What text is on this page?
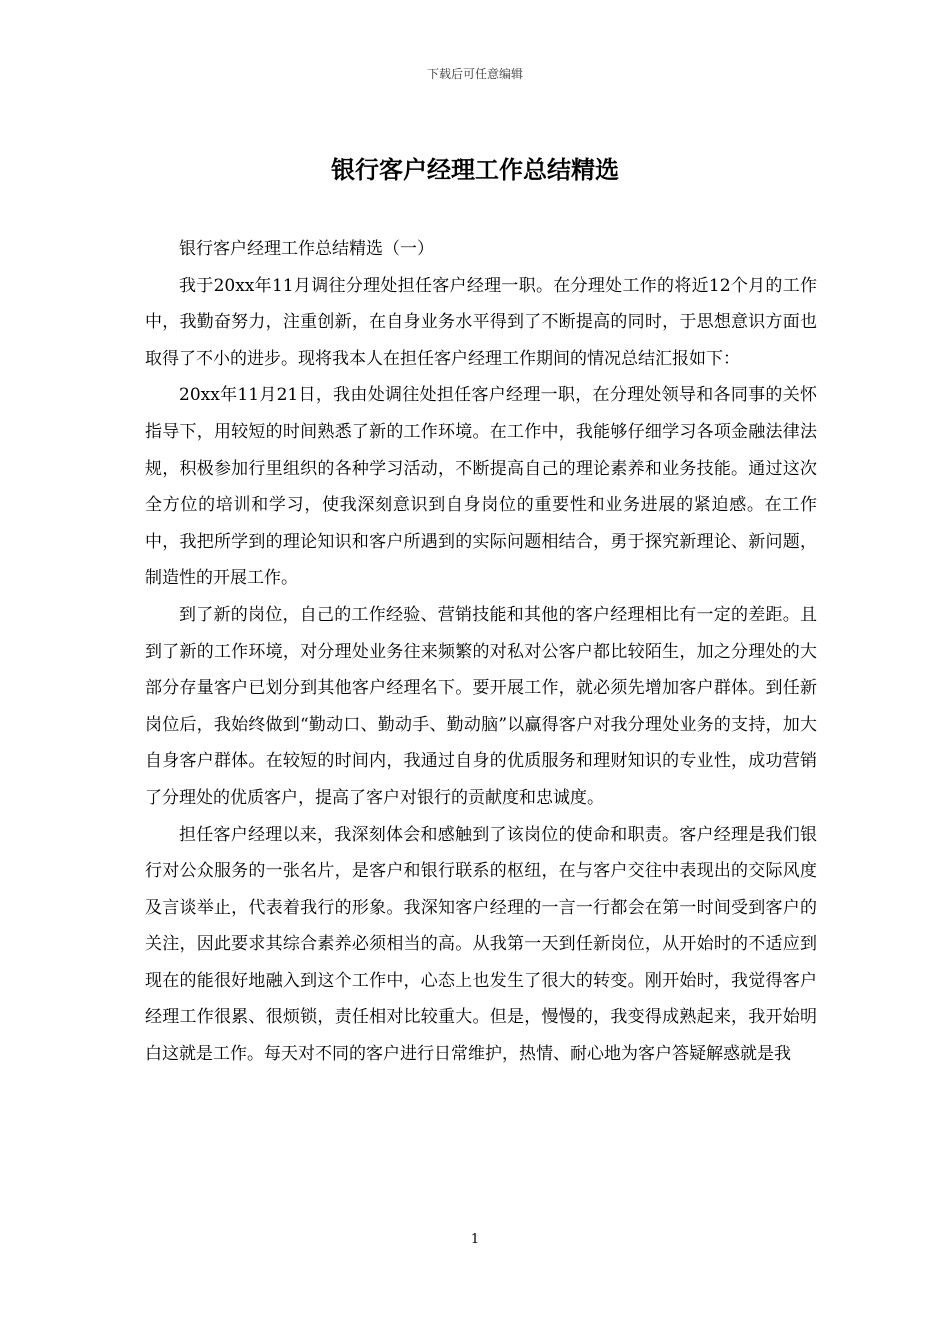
下载后可任意编辑
银行客户经理工作总结精选

银行客户经理工作总结精选（一）

我于20xx年11月调往分理处担任客户经理一职。在分理处工作的将近12个月的工作中，我勤奋努力，注重创新，在自身业务水平得到了不断提高的同时，于思想意识方面也取得了不小的进步。现将我本人在担任客户经理工作期间的情况总结汇报如下：

20xx年11月21日，我由处调往处担任客户经理一职，在分理处领导和各同事的关怀指导下，用较短的时间熟悉了新的工作环境。在工作中，我能够仔细学习各项金融法律法规，积极参加行里组织的各种学习活动，不断提高自己的理论素养和业务技能。通过这次全方位的培训和学习，使我深刻意识到自身岗位的重要性和业务进展的紧迫感。在工作中，我把所学到的理论知识和客户所遇到的实际问题相结合，勇于探究新理论、新问题，制造性的开展工作。

到了新的岗位，自己的工作经验、营销技能和其他的客户经理相比有一定的差距。且到了新的工作环境，对分理处业务往来频繁的对私对公客户都比较陌生，加之分理处的大部分存量客户已划分到其他客户经理名下。要开展工作，就必须先增加客户群体。到任新岗位后，我始终做到“勤动口、勤动手、勤动脑”以赢得客户对我分理处业务的支持，加大自身客户群体。在较短的时间内，我通过自身的优质服务和理财知识的专业性，成功营销了分理处的优质客户，提高了客户对银行的贡献度和忠诚度。

担任客户经理以来，我深刻体会和感触到了该岗位的使命和职责。客户经理是我们银行对公众服务的一张名片，是客户和银行联系的枢纽，在与客户交往中表现出的交际风度及言谈举止，代表着我行的形象。我深知客户经理的一言一行都会在第一时间受到客户的关注，因此要求其综合素养必须相当的高。从我第一天到任新岗位，从开始时的不适应到现在的能很好地融入到这个工作中，心态上也发生了很大的转变。刚开始时，我觉得客户经理工作很累、很烦锁，责任相对比较重大。但是，慢慢的，我变得成熟起来，我开始明白这就是工作。每天对不同的客户进行日常维护，热情、耐心地为客户答疑解惑就是我

1
